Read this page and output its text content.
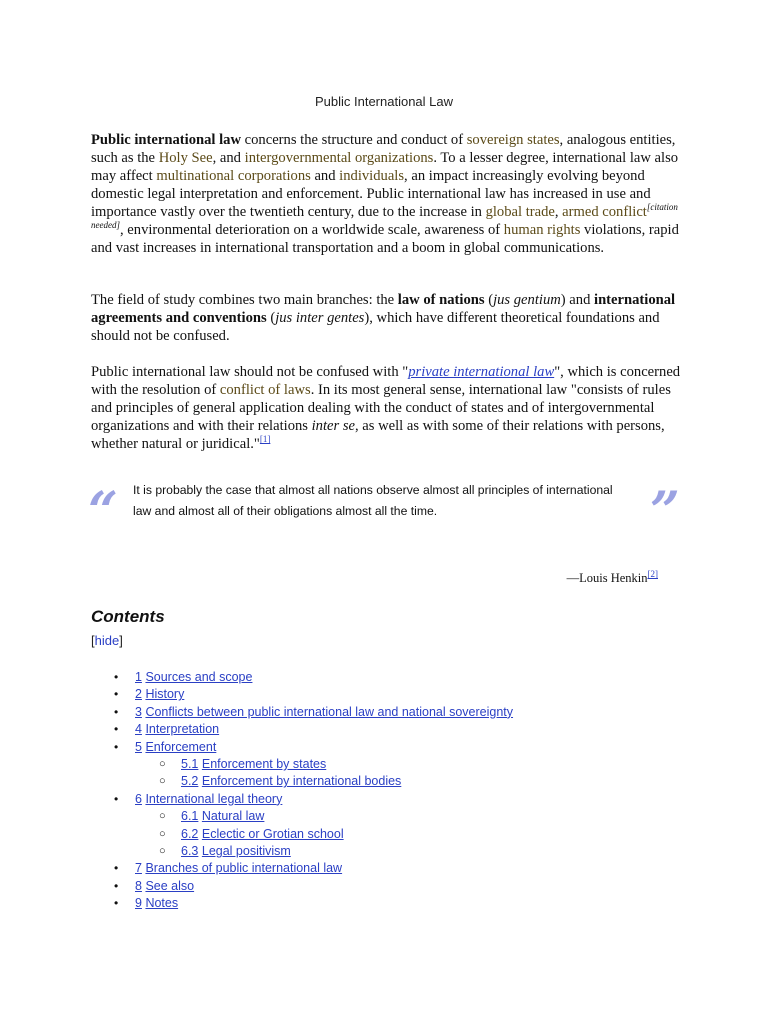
Public International Law

Public international law concerns the structure and conduct of sovereign states, analogous entities, such as the Holy See, and intergovernmental organizations. To a lesser degree, international law also may affect multinational corporations and individuals, an impact increasingly evolving beyond domestic legal interpretation and enforcement. Public international law has increased in use and importance vastly over the twentieth century, due to the increase in global trade, armed conflict[citation needed], environmental deterioration on a worldwide scale, awareness of human rights violations, rapid and vast increases in international transportation and a boom in global communications.

The field of study combines two main branches: the law of nations (jus gentium) and international agreements and conventions (jus inter gentes), which have different theoretical foundations and should not be confused.

Public international law should not be confused with "private international law", which is concerned with the resolution of conflict of laws. In its most general sense, international law "consists of rules and principles of general application dealing with the conduct of states and of intergovernmental organizations and with their relations inter se, as well as with some of their relations with persons, whether natural or juridical."[1]

“ It is probably the case that almost all nations observe almost all principles of international law and almost all of their obligations almost all the time.	”
—Louis Henkin[2]
Contents
[hide]
• 1 Sources and scope
• 2 History
• 3 Conflicts between public international law and national sovereignty
• 4 Interpretation
• 5 Enforcement
○ 5.1 Enforcement by states
○ 5.2 Enforcement by international bodies
• 6 International legal theory
○ 6.1 Natural law
○ 6.2 Eclectic or Grotian school
○ 6.3 Legal positivism
• 7 Branches of public international law
• 8 See also
• 9 Notes
